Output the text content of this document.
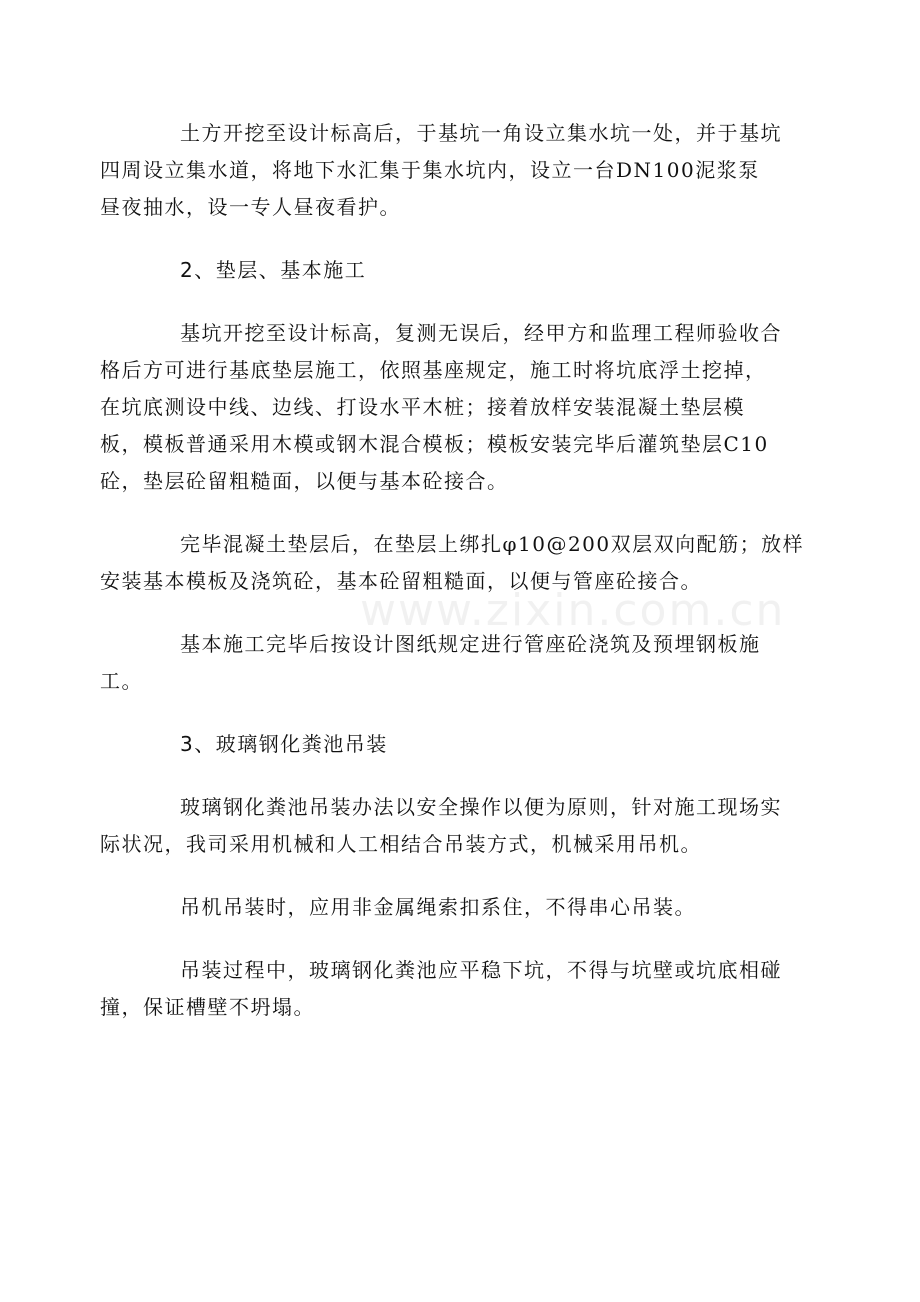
土方开挖至设计标高后，于基坑一角设立集水坑一处，并于基坑
四周设立集水道，将地下水汇集于集水坑内，设立一台DN100泥浆泵
昼夜抽水，设一专人昼夜看护。

2、垫层、基本施工

基坑开挖至设计标高，复测无误后，经甲方和监理工程师验收合
格后方可进行基底垫层施工，依照基座规定，施工时将坑底浮土挖掉，
在坑底测设中线、边线、打设水平木桩；接着放样安装混凝土垫层模
板，模板普通采用木模或钢木混合模板；模板安装完毕后灌筑垫层C10
砼，垫层砼留粗糙面，以便与基本砼接合。

完毕混凝土垫层后，在垫层上绑扎φ10@200双层双向配筋；放样
安装基本模板及浇筑砼，基本砼留粗糙面，以便与管座砼接合。

基本施工完毕后按设计图纸规定进行管座砼浇筑及预埋钢板施
工。

3、玻璃钢化粪池吊装

玻璃钢化粪池吊装办法以安全操作以便为原则，针对施工现场实
际状况，我司采用机械和人工相结合吊装方式，机械采用吊机。

吊机吊装时，应用非金属绳索扣系住，不得串心吊装。

吊装过程中，玻璃钢化粪池应平稳下坑，不得与坑壁或坑底相碰
撞，保证槽壁不坍塌。

www.zixin.com.cn
